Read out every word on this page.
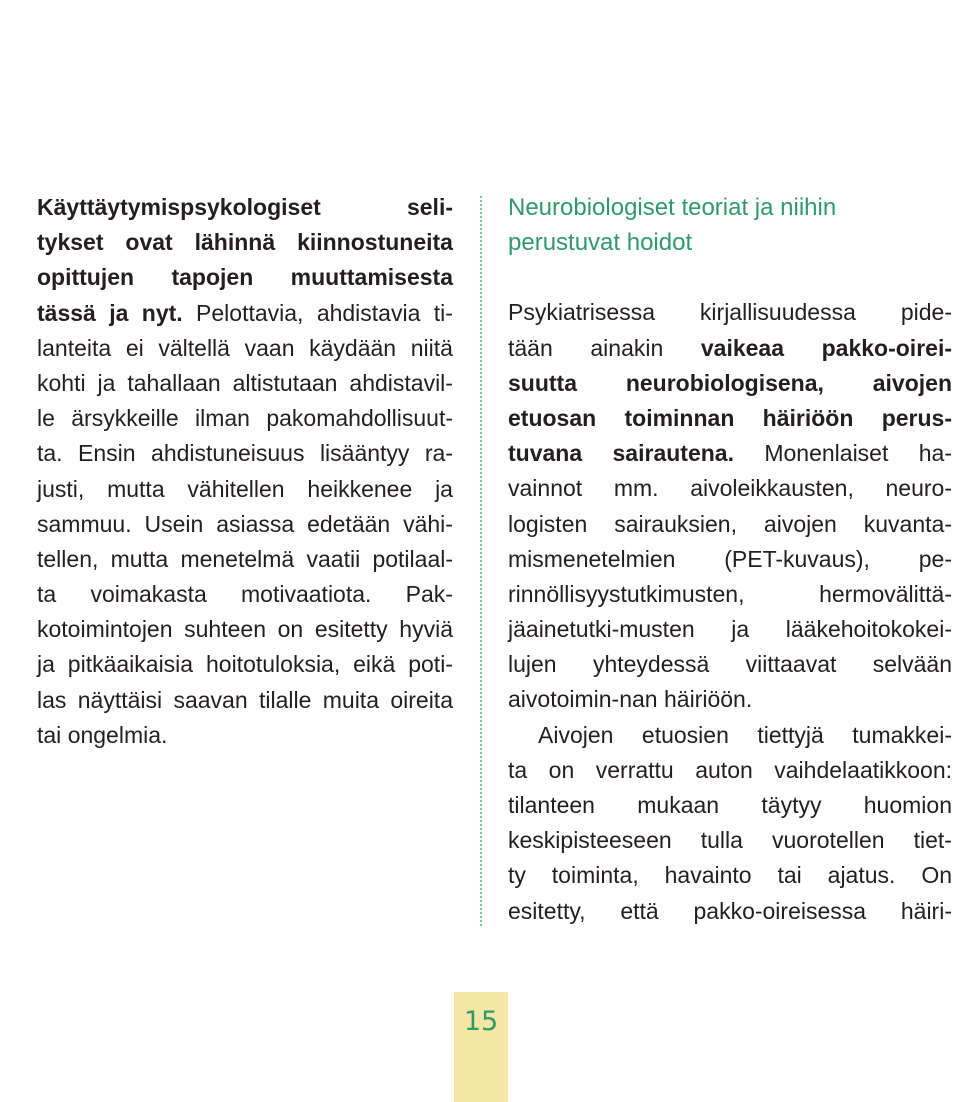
Käyttäytymispsykologiset	seli-
tykset ovat lähinnä kiinnostuneita
opittujen tapojen muuttamisesta
tässä ja nyt. Pelottavia, ahdistavia ti-
lanteita ei vältellä vaan käydään niitä
kohti ja tahallaan altistutaan ahdistavil-
le ärsykkeille ilman pakomahdollisuut-
ta. Ensin ahdistuneisuus lisääntyy ra-
justi, mutta vähitellen heikkenee ja
sammuu. Usein asiassa edetään vähi-
tellen, mutta menetelmä vaatii potilaal-
ta voimakasta motivaatiota. Pak-
kotoimintojen suhteen on esitetty hyviä
ja pitkäaikaisia hoitotuloksia, eikä poti-
las näyttäisi saavan tilalle muita oireita
tai
ongelmia.
Neurobiologiset teoriat ja niihin
perustuvat hoidot
Psykiatrisessa kirjallisuudessa pide-
tään ainakin vaikeaa pakko-oirei-
suutta neurobiologisena, aivojen
etuosan toiminnan häiriöön perus-
tuvana sairautena. Monenlaiset ha-
vainnot mm. aivoleikkausten, neuro-
logisten sairauksien, aivojen kuvanta-
mismenetelmien (PET-kuvaus), pe-
rinnöllisyystutkimusten,	hermovälittä-
jäainetutki-musten ja lääkehoitokokei-
lujen yhteydessä viittaavat selvään
aivotoimin-nan
häiriöön.
Aivojen etuosien tiettyjä tumakkei-
ta on verrattu auton vaihdelaatikkoon:
tilanteen mukaan täytyy huomion
keskipisteeseen tulla vuorotellen tiet-
ty toiminta, havainto tai ajatus. On
esitetty, että pakko-oireisessa häiri-
15
